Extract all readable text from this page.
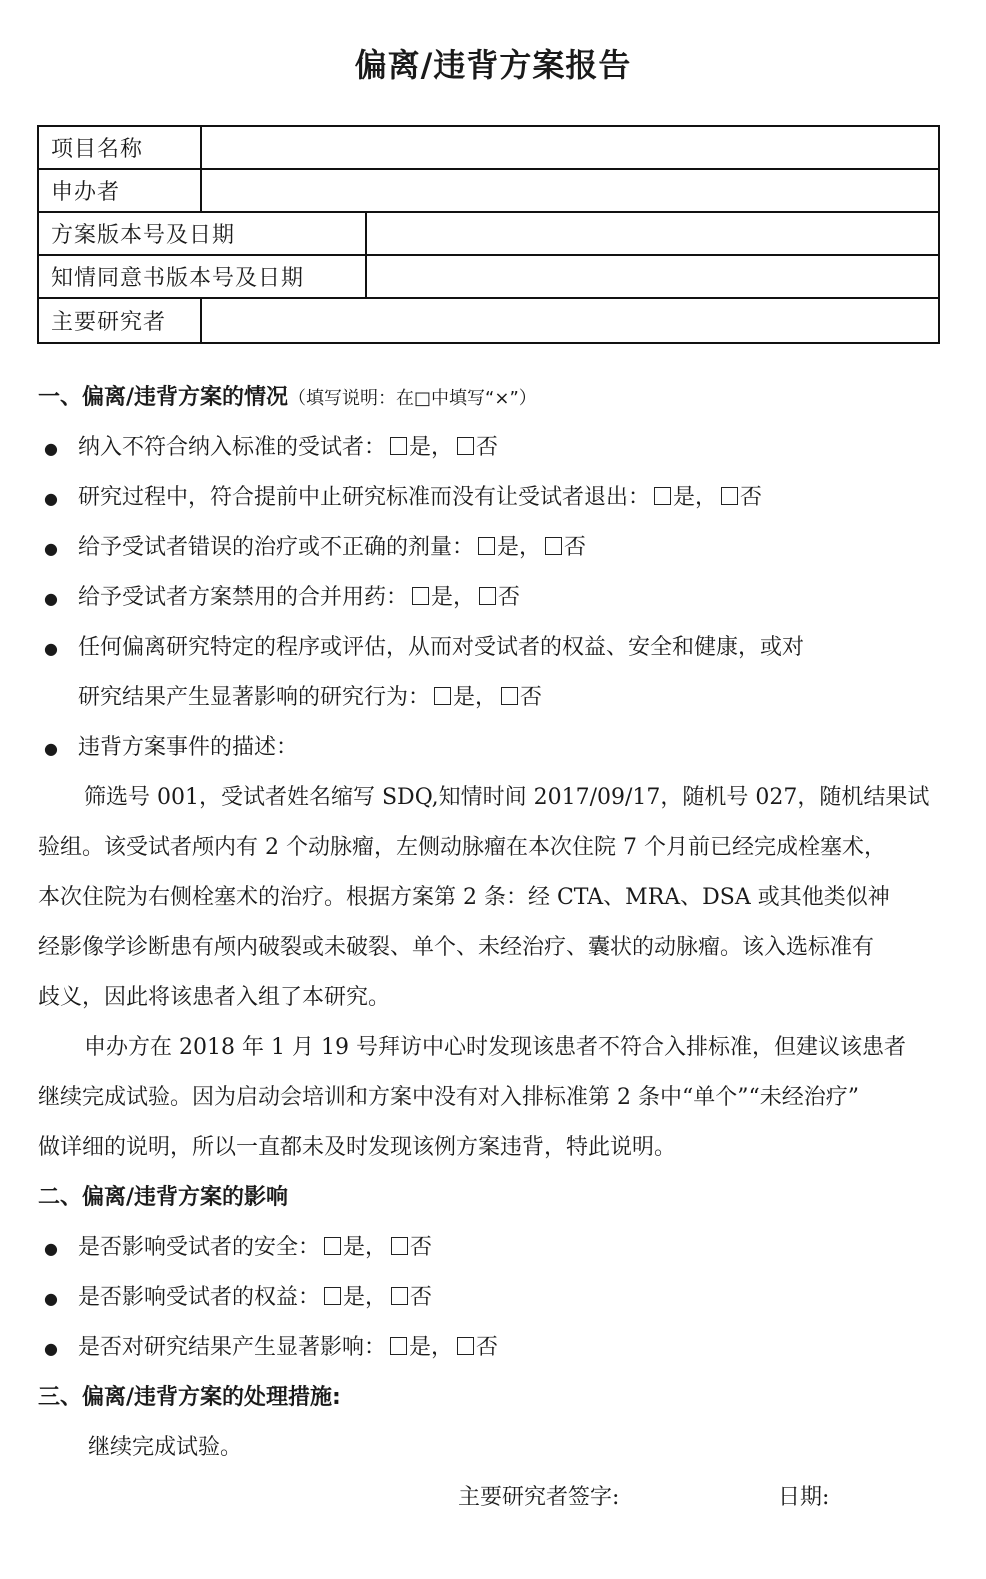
偏离/违背方案报告
项目名称
申办者
方案版本号及日期
知情同意书版本号及日期
主要研究者
一、偏离/违背方案的情况（填写说明：在□中填写“×”）
● 纳入不符合纳入标准的受试者： 是， 否
● 研究过程中，符合提前中止研究标准而没有让受试者退出： 是， 否
● 给予受试者错误的治疗或不正确的剂量： 是， 否
● 给予受试者方案禁用的合并用药： 是， 否
● 任何偏离研究特定的程序或评估，从而对受试者的权益、安全和健康，或对
研究结果产生显著影响的研究行为： 是， 否
● 违背方案事件的描述：
筛选号 001，受试者姓名缩写 SDQ,知情时间 2017/09/17，随机号 027，随机结果试
验组。该受试者颅内有 2 个动脉瘤，左侧动脉瘤在本次住院 7 个月前已经完成栓塞术，
本次住院为右侧栓塞术的治疗。根据方案第 2 条：经 CTA、MRA、DSA 或其他类似神
经影像学诊断患有颅内破裂或未破裂、单个、未经治疗、囊状的动脉瘤。该入选标准有
歧义，因此将该患者入组了本研究。
申办方在 2018 年 1 月 19 号拜访中心时发现该患者不符合入排标准，但建议该患者
继续完成试验。因为启动会培训和方案中没有对入排标准第 2 条中“单个”“未经治疗”
做详细的说明，所以一直都未及时发现该例方案违背，特此说明。
二、偏离/违背方案的影响
● 是否影响受试者的安全： 是， 否
● 是否影响受试者的权益： 是， 否
● 是否对研究结果产生显著影响： 是， 否
三、偏离/违背方案的处理措施:
继续完成试验。
主要研究者签字:	日期:
